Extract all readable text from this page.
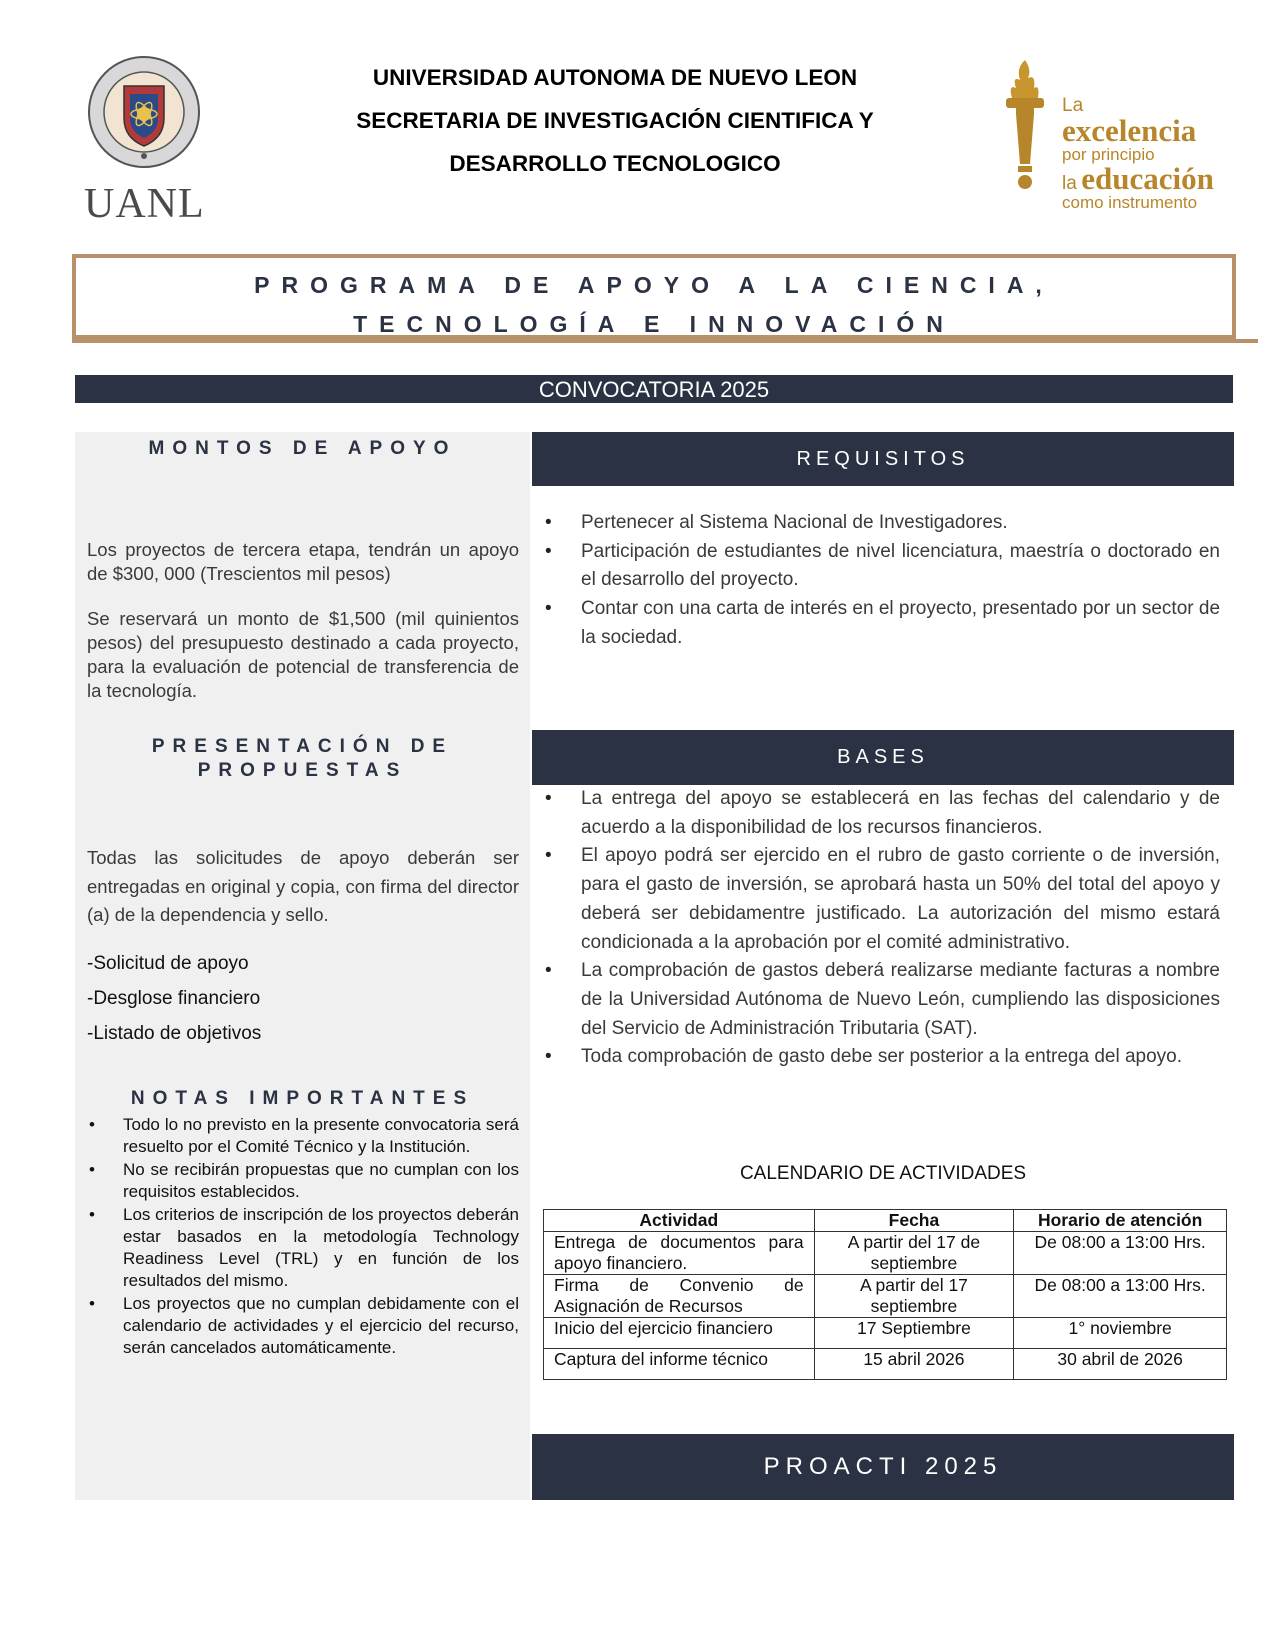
UANL
UNIVERSIDAD AUTONOMA DE NUEVO LEON
SECRETARIA DE INVESTIGACIÓN CIENTIFICA Y
DESARROLLO TECNOLOGICO
La
excelencia
por principio
la educación
como instrumento
PROGRAMA DE APOYO A LA CIENCIA,
TECNOLOGÍA E INNOVACIÓN
CONVOCATORIA 2025
MONTOS DE APOYO
Los proyectos de tercera etapa, tendrán un apoyo de $300, 000 (Trescientos mil pesos)
Se reservará un monto de $1,500 (mil quinientos pesos) del presupuesto destinado a cada proyecto, para la evaluación de potencial de transferencia de la tecnología.
PRESENTACIÓN DE
PROPUESTAS
Todas las solicitudes de apoyo deberán ser entregadas en original y copia, con firma del director (a) de la dependencia y sello.
-Solicitud de apoyo
-Desglose financiero
-Listado de objetivos
NOTAS IMPORTANTES
• Todo lo no previsto en la presente convocatoria será resuelto por el Comité Técnico y la Institución.
• No se recibirán propuestas que no cumplan con los requisitos establecidos.
• Los criterios de inscripción de los proyectos deberán estar basados en la metodología Technology Readiness Level (TRL) y en función de los resultados del mismo.
• Los proyectos que no cumplan debidamente con el calendario de actividades y el ejercicio del recurso, serán cancelados automáticamente.
REQUISITOS
• Pertenecer al Sistema Nacional de Investigadores.
• Participación de estudiantes de nivel licenciatura, maestría o doctorado en el desarrollo del proyecto.
• Contar con una carta de interés en el proyecto, presentado por un sector de la sociedad.
BASES
• La entrega del apoyo se establecerá en las fechas del calendario y de acuerdo a la disponibilidad de los recursos financieros.
• El apoyo podrá ser ejercido en el rubro de gasto corriente o de inversión, para el gasto de inversión, se aprobará hasta un 50% del total del apoyo y deberá ser debidamentre justificado. La autorización del mismo estará condicionada a la aprobación por el comité administrativo.
• La comprobación de gastos deberá realizarse mediante facturas a nombre de la Universidad Autónoma de Nuevo León, cumpliendo las disposiciones del Servicio de Administración Tributaria (SAT).
• Toda comprobación de gasto debe ser posterior a la entrega del apoyo.
CALENDARIO DE ACTIVIDADES
Actividad	Fecha	Horario de atención
Entrega de documentos para apoyo financiero.	A partir del 17 de septiembre	De 08:00 a 13:00 Hrs.
Firma de Convenio de Asignación de Recursos	A partir del 17 septiembre	De 08:00 a 13:00 Hrs.
Inicio del ejercicio financiero	17 Septiembre	1° noviembre
Captura del informe técnico	15 abril 2026	30 abril de 2026
PROACTI 2025
